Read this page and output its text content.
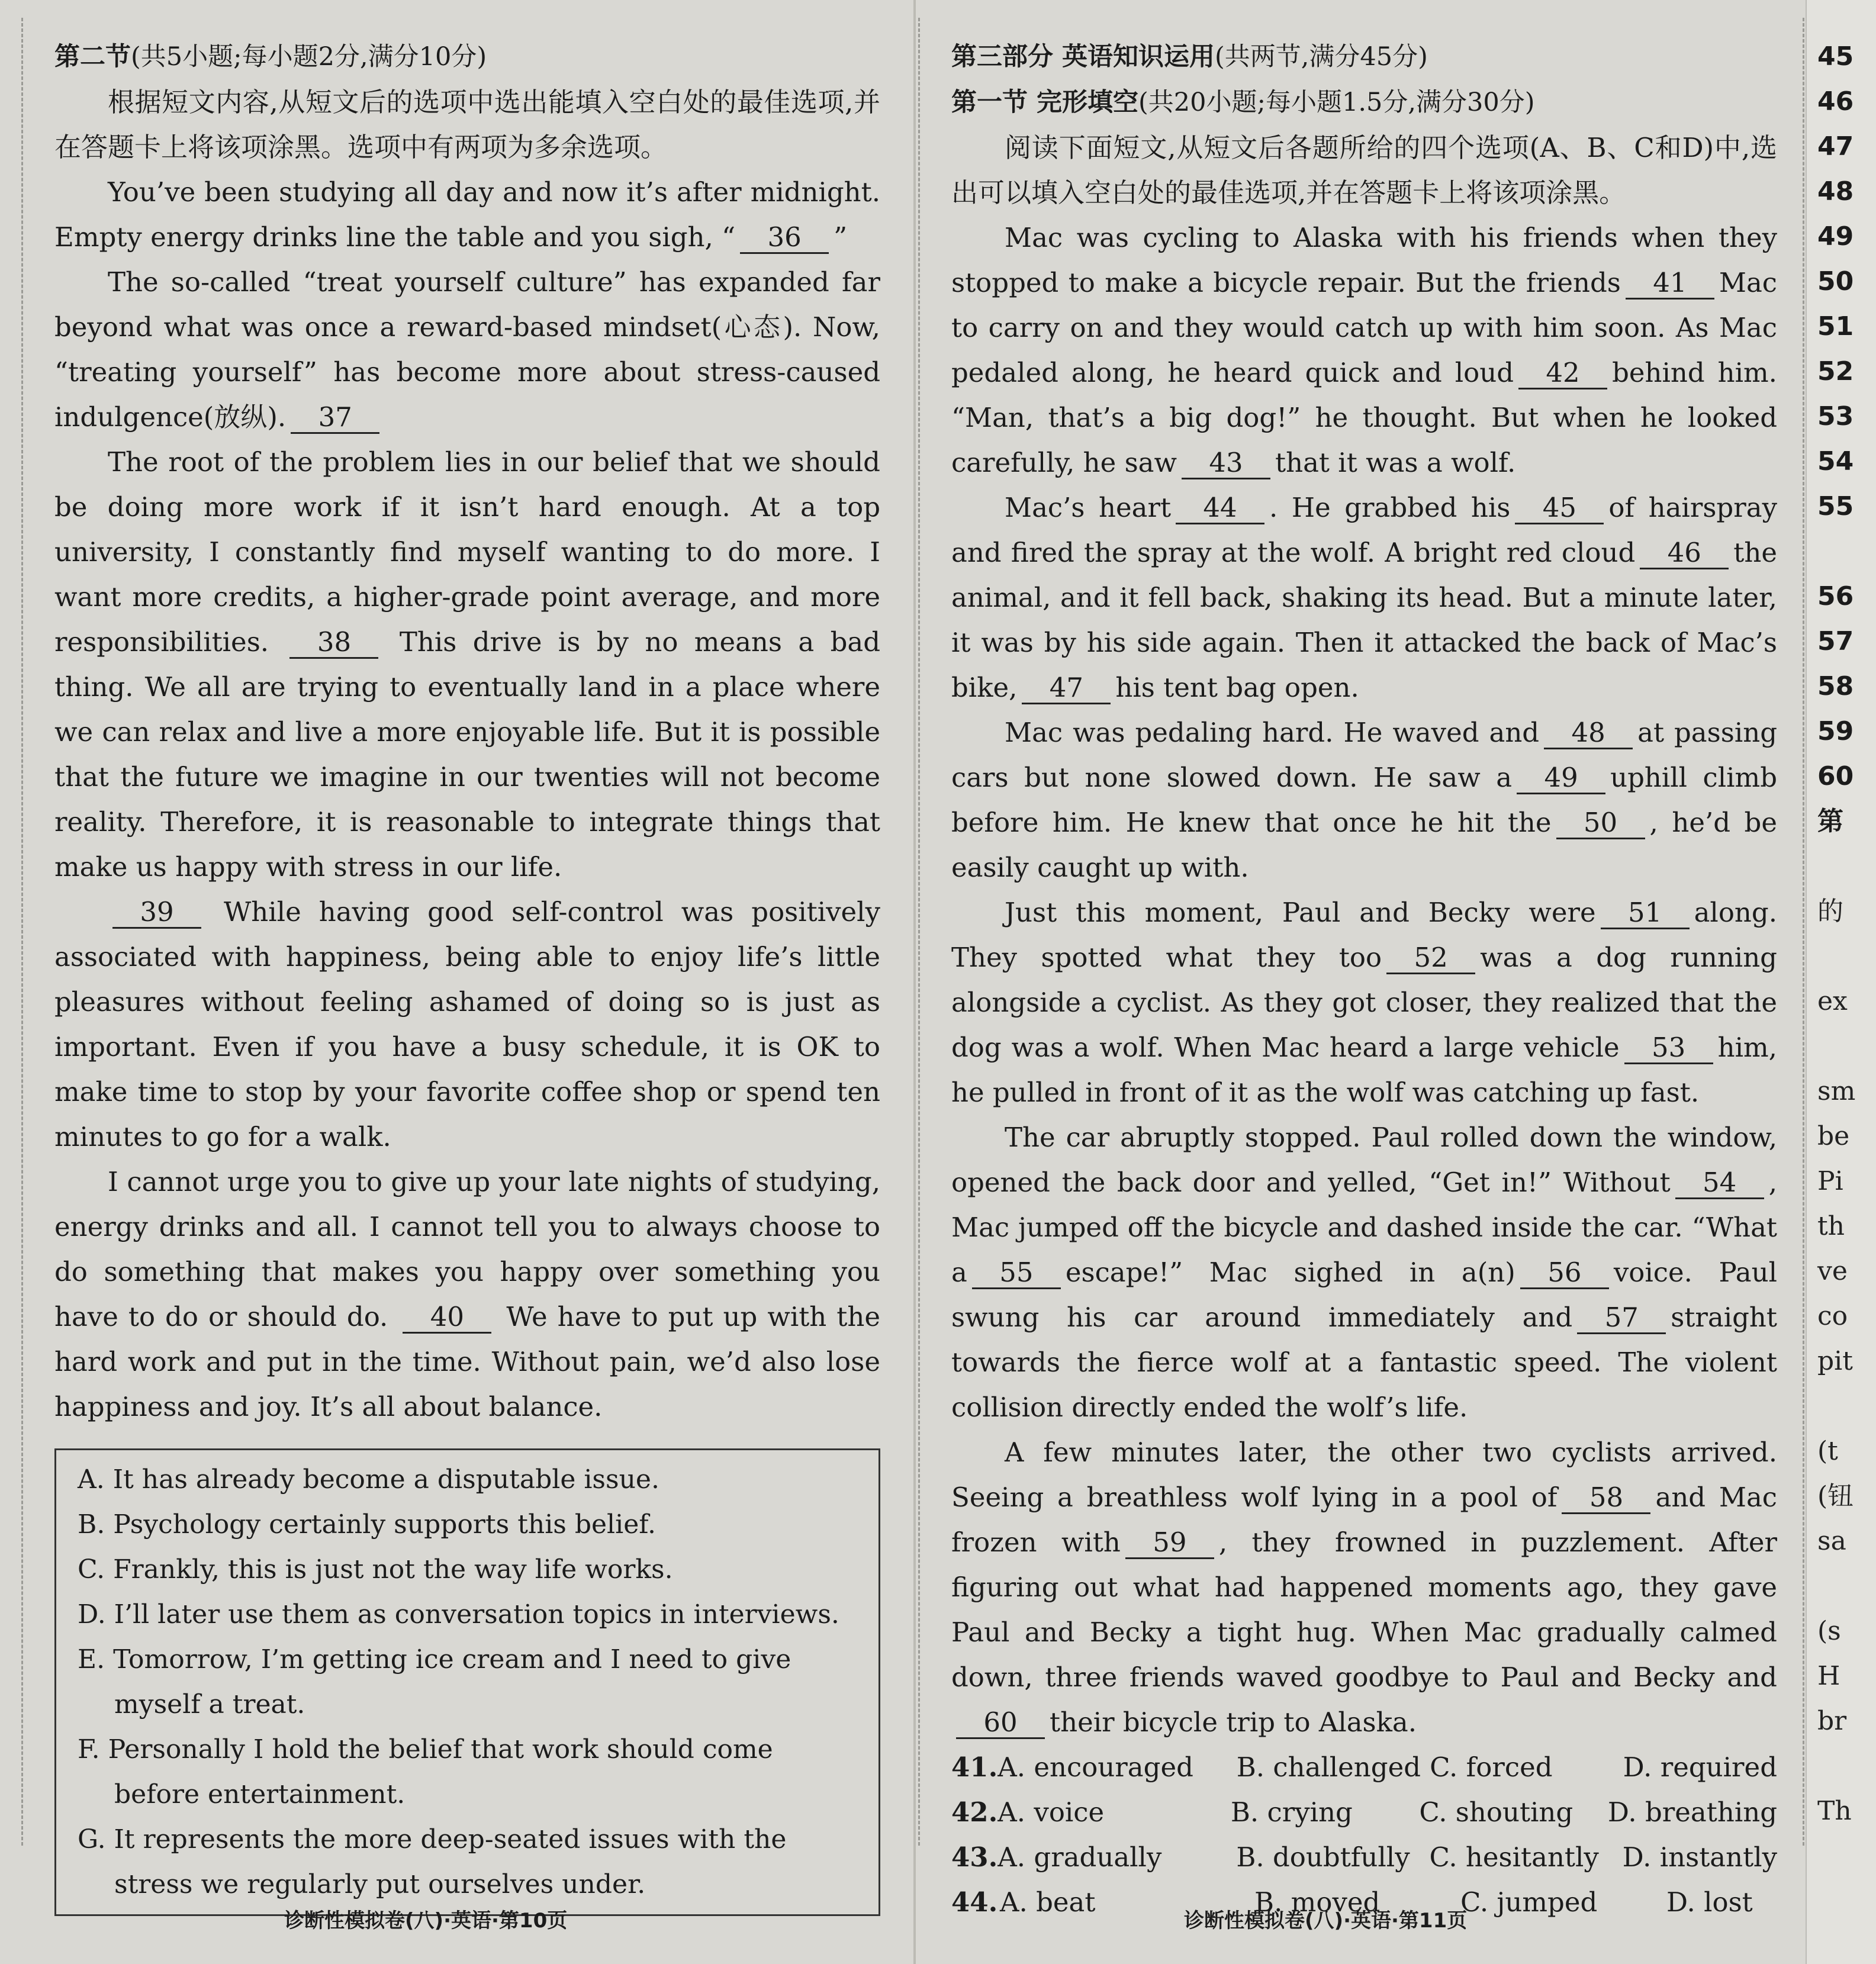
第二节(共5小题;每小题2分,满分10分)

根据短文内容,从短文后的选项中选出能填入空白处的最佳选项,并在答题卡上将该项涂黑。选项中有两项为多余选项。

You’ve been studying all day and now it’s after midnight. Empty energy drinks line the table and you sigh, “ 36 ”

The so-called “treat yourself culture” has expanded far beyond what was once a reward-based mindset(心态). Now, “treating yourself” has become more about stress-caused indulgence(放纵). 37

The root of the problem lies in our belief that we should be doing more work if it isn’t hard enough. At a top university, I constantly find myself wanting to do more. I want more credits, a higher-grade point average, and more responsibilities. 38 This drive is by no means a bad thing. We all are trying to eventually land in a place where we can relax and live a more enjoyable life. But it is possible that the future we imagine in our twenties will not become reality. Therefore, it is reasonable to integrate things that make us happy with stress in our life.

39 While having good self-control was positively associated with happiness, being able to enjoy life’s little pleasures without feeling ashamed of doing so is just as important. Even if you have a busy schedule, it is OK to make time to stop by your favorite coffee shop or spend ten minutes to go for a walk.

I cannot urge you to give up your late nights of studying, energy drinks and all. I cannot tell you to always choose to do something that makes you happy over something you have to do or should do. 40 We have to put up with the hard work and put in the time. Without pain, we’d also lose happiness and joy. It’s all about balance.

A. It has already become a disputable issue.
B. Psychology certainly supports this belief.
C. Frankly, this is just not the way life works.
D. I’ll later use them as conversation topics in interviews.
E. Tomorrow, I’m getting ice cream and I need to give myself a treat.
F. Personally I hold the belief that work should come before entertainment.
G. It represents the more deep-seated issues with the stress we regularly put ourselves under.
诊断性模拟卷(八)·英语·第10页
第三部分 英语知识运用(共两节,满分45分)
第一节 完形填空(共20小题;每小题1.5分,满分30分)

阅读下面短文,从短文后各题所给的四个选项(A、B、C和D)中,选出可以填入空白处的最佳选项,并在答题卡上将该项涂黑。

Mac was cycling to Alaska with his friends when they stopped to make a bicycle repair. But the friends 41 Mac to carry on and they would catch up with him soon. As Mac pedaled along, he heard quick and loud 42 behind him. “Man, that’s a big dog!” he thought. But when he looked carefully, he saw 43 that it was a wolf.

Mac’s heart 44 . He grabbed his 45 of hairspray and fired the spray at the wolf. A bright red cloud 46 the animal, and it fell back, shaking its head. But a minute later, it was by his side again. Then it attacked the back of Mac’s bike, 47 his tent bag open.

Mac was pedaling hard. He waved and 48 at passing cars but none slowed down. He saw a 49 uphill climb before him. He knew that once he hit the 50 , he’d be easily caught up with.

Just this moment, Paul and Becky were 51 along. They spotted what they too 52 was a dog running alongside a cyclist. As they got closer, they realized that the dog was a wolf. When Mac heard a large vehicle 53 him, he pulled in front of it as the wolf was catching up fast.

The car abruptly stopped. Paul rolled down the window, opened the back door and yelled, “Get in!” Without 54 , Mac jumped off the bicycle and dashed inside the car. “What a 55 escape!” Mac sighed in a(n) 56 voice. Paul swung his car around immediately and 57 straight towards the fierce wolf at a fantastic speed. The violent collision directly ended the wolf’s life.

A few minutes later, the other two cyclists arrived. Seeing a breathless wolf lying in a pool of 58 and Mac frozen with 59 , they frowned in puzzlement. After figuring out what had happened moments ago, they gave Paul and Becky a tight hug. When Mac gradually calmed down, three friends waved goodbye to Paul and Becky and60 their bicycle trip to Alaska.

41. A. encouraged	B. challenged C. forced	D. required
42. A. voice	B. crying	C. shouting	D. breathing
43. A. gradually	B. doubtfully C. hesitantly D. instantly
44. A. beat	B. moved	C. jumped	D. lost
诊断性模拟卷(八)·英语·第11页
45
46
47
48
49
50
51
52
53
54
55
56
57
58
59
60
第
的
ex
sm
be
Pi
th
ve
co
pit
(t
(钮
sa
(s
H
br
Th
